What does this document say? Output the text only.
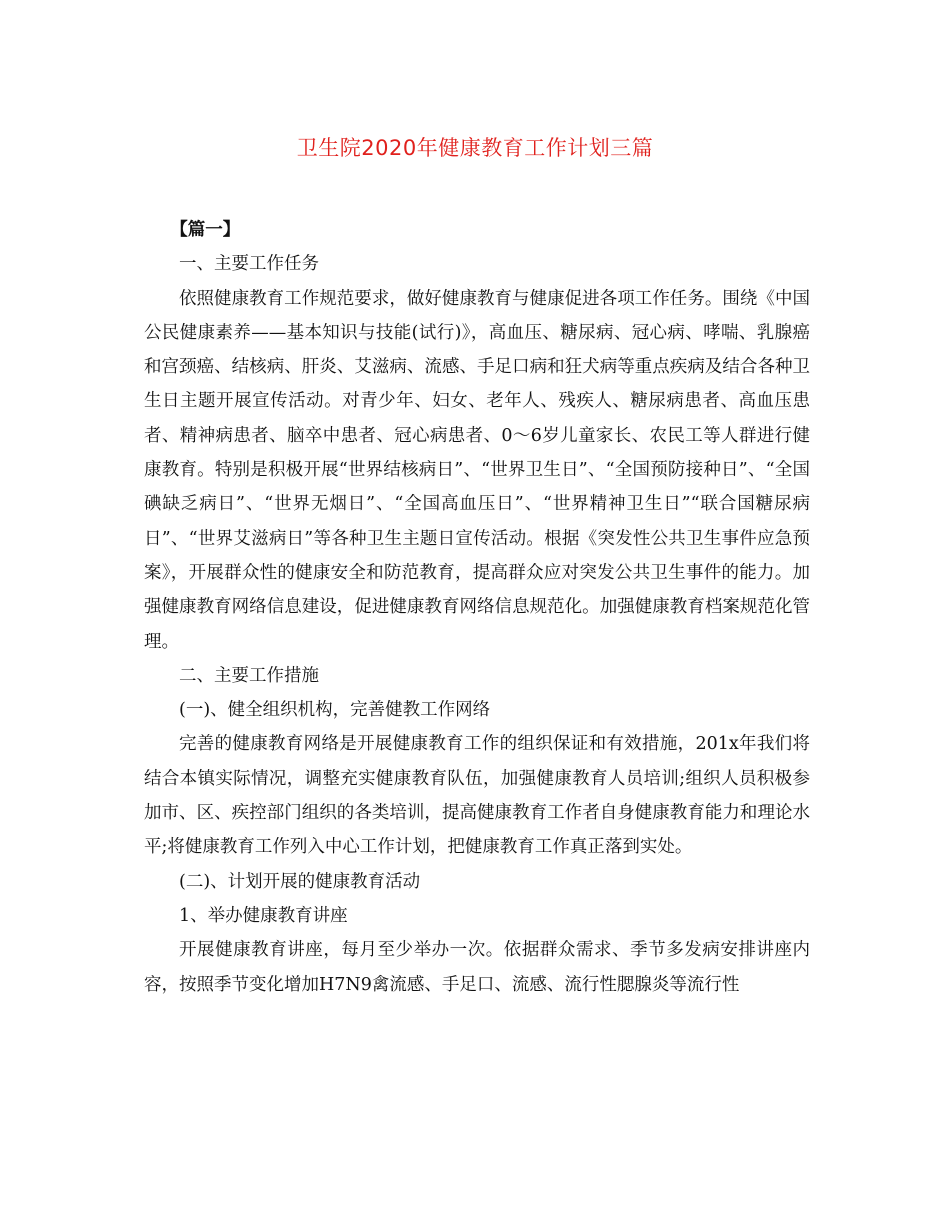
卫生院2020年健康教育工作计划三篇
【篇一】
一、主要工作任务

依照健康教育工作规范要求，做好健康教育与健康促进各项工作任务。围绕《中国公民健康素养——基本知识与技能(试行)》，高血压、糖尿病、冠心病、哮喘、乳腺癌和宫颈癌、结核病、肝炎、艾滋病、流感、手足口病和狂犬病等重点疾病及结合各种卫生日主题开展宣传活动。对青少年、妇女、老年人、残疾人、糖尿病患者、高血压患者、精神病患者、脑卒中患者、冠心病患者、0～6岁儿童家长、农民工等人群进行健康教育。特别是积极开展“世界结核病日”、“世界卫生日”、“全国预防接种日”、“全国碘缺乏病日”、“世界无烟日”、“全国高血压日”、“世界精神卫生日”“联合国糖尿病日”、“世界艾滋病日”等各种卫生主题日宣传活动。根据《突发性公共卫生事件应急预案》，开展群众性的健康安全和防范教育，提高群众应对突发公共卫生事件的能力。加强健康教育网络信息建设，促进健康教育网络信息规范化。加强健康教育档案规范化管理。

二、主要工作措施
(一)、健全组织机构，完善健教工作网络

完善的健康教育网络是开展健康教育工作的组织保证和有效措施，201x年我们将结合本镇实际情况，调整充实健康教育队伍，加强健康教育人员培训;组织人员积极参加市、区、疾控部门组织的各类培训，提高健康教育工作者自身健康教育能力和理论水平;将健康教育工作列入中心工作计划，把健康教育工作真正落到实处。

(二)、计划开展的健康教育活动
1、举办健康教育讲座

开展健康教育讲座，每月至少举办一次。依据群众需求、季节多发病安排讲座内容，按照季节变化增加H7N9禽流感、手足口、流感、流行性腮腺炎等流行性
